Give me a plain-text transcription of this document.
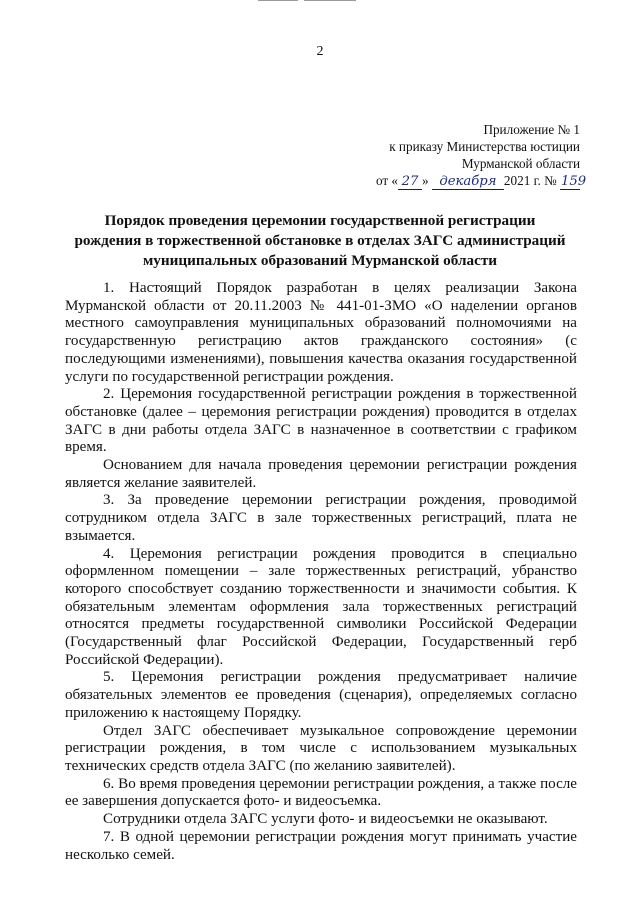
2
Приложение № 1
к приказу Министерства юстиции
Мурманской области
от « 27 » декабря 2021 г. № 159
Порядок проведения церемонии государственной регистрации
рождения в торжественной обстановке в отделах ЗАГС администраций
муниципальных образований Мурманской области

1. Настоящий Порядок разработан в целях реализации Закона Мурманской области от 20.11.2003 № 441-01-ЗМО «О наделении органов местного самоуправления муниципальных образований полномочиями на государственную регистрацию актов гражданского состояния» (с последующими изменениями), повышения качества оказания государственной услуги по государственной регистрации рождения.

2. Церемония государственной регистрации рождения в торжественной обстановке (далее – церемония регистрации рождения) проводится в отделах ЗАГС в дни работы отдела ЗАГС в назначенное в соответствии с графиком время.

Основанием для начала проведения церемонии регистрации рождения является желание заявителей.

3. За проведение церемонии регистрации рождения, проводимой сотрудником отдела ЗАГС в зале торжественных регистраций, плата не взымается.

4. Церемония регистрации рождения проводится в специально оформленном помещении – зале торжественных регистраций, убранство которого способствует созданию торжественности и значимости события. К обязательным элементам оформления зала торжественных регистраций относятся предметы государственной символики Российской Федерации (Государственный флаг Российской Федерации, Государственный герб Российской Федерации).

5. Церемония регистрации рождения предусматривает наличие обязательных элементов ее проведения (сценария), определяемых согласно приложению к настоящему Порядку.

Отдел ЗАГС обеспечивает музыкальное сопровождение церемонии регистрации рождения, в том числе с использованием музыкальных технических средств отдела ЗАГС (по желанию заявителей).

6. Во время проведения церемонии регистрации рождения, а также после ее завершения допускается фото- и видеосъемка.

Сотрудники отдела ЗАГС услуги фото- и видеосъемки не оказывают.

7. В одной церемонии регистрации рождения могут принимать участие несколько семей.
